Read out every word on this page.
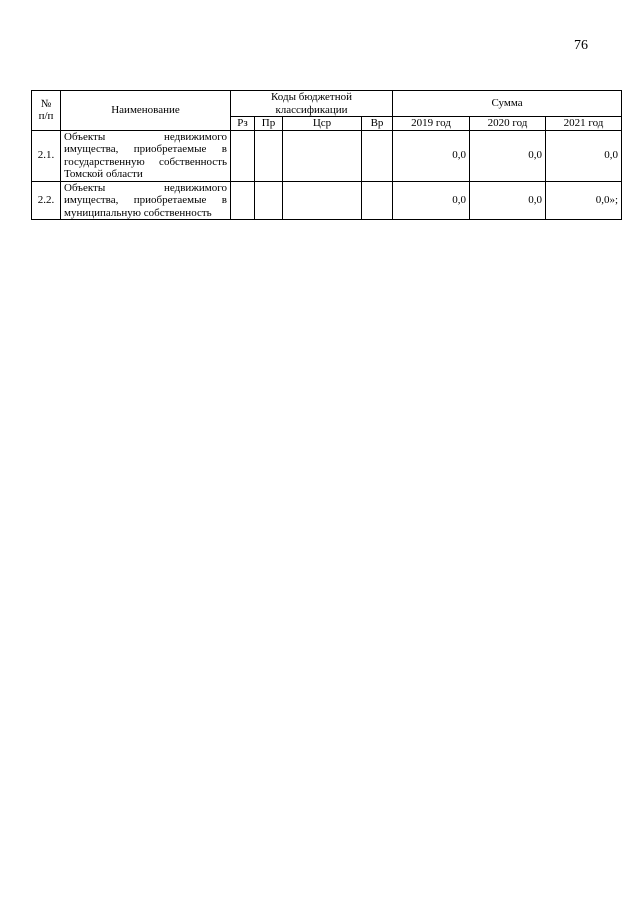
76
№ п/п	Наименование	Коды бюджетной классификации				Сумма		
		Рз	Пр	Цср	Вр	2019 год	2020 год	2021 год
2.1.	Объекты недвижимого имущества, приобретаемые в государственную собственность Томской области					0,0	0,0	0,0
2.2.	Объекты недвижимого имущества, приобретаемые в муниципальную собственность					0,0	0,0	0,0»;
